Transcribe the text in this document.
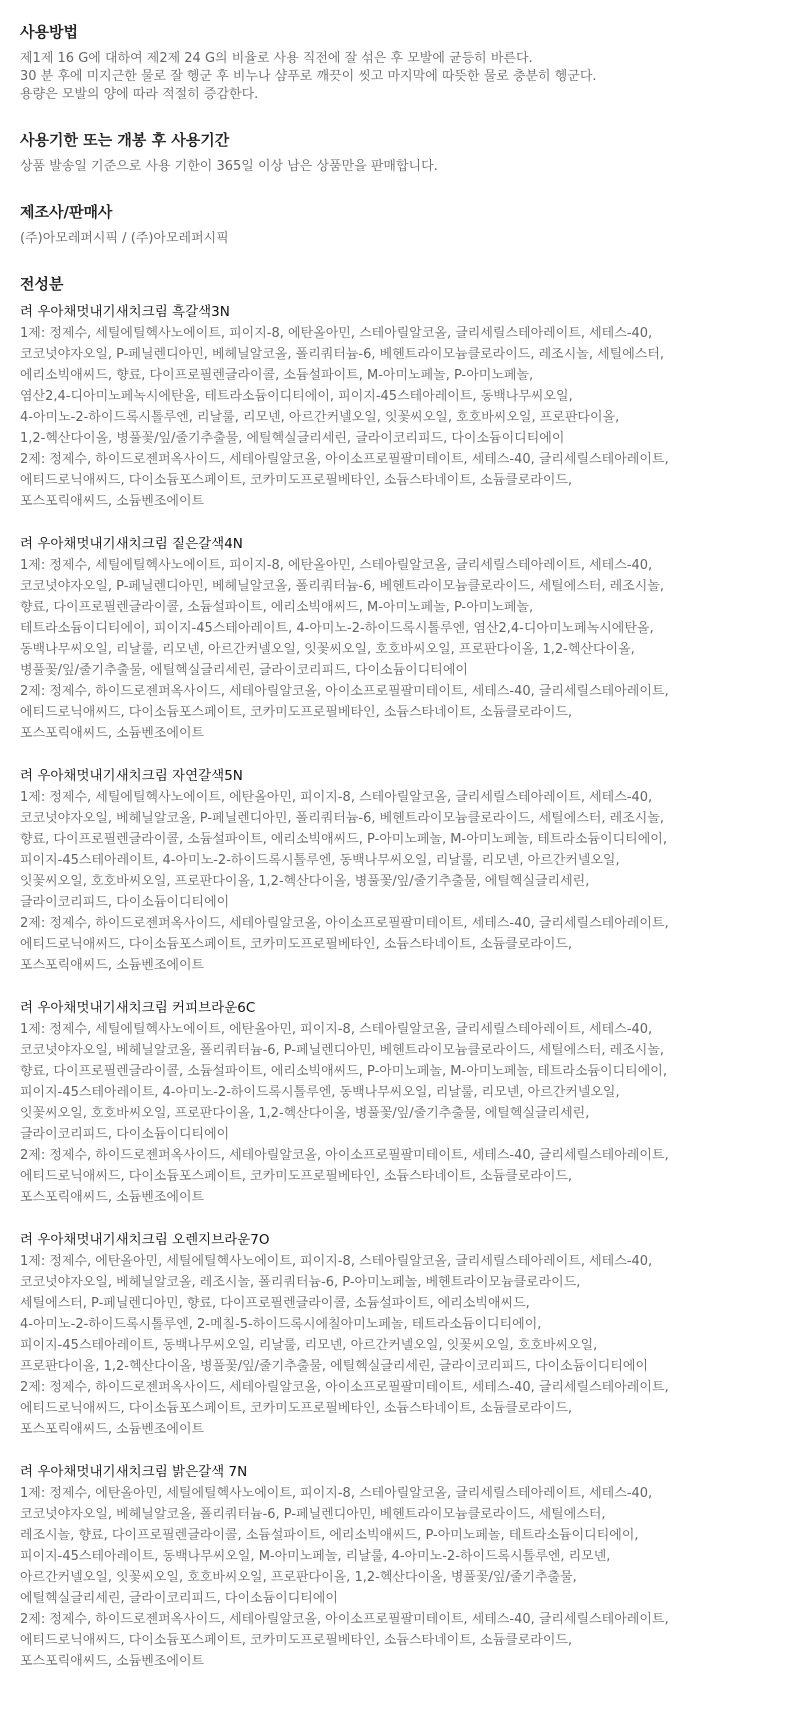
사용방법

제1제 16 G에 대하여 제2제 24 G의 비율로 사용 직전에 잘 섞은 후 모발에 균등히 바른다.

30 분 후에 미지근한 물로 잘 헹군 후 비누나 샴푸로 깨끗이 씻고 마지막에 따뜻한 물로 충분히 헹군다.

용량은 모발의 양에 따라 적절히 증감한다.

사용기한 또는 개봉 후 사용기간

상품 발송일 기준으로 사용 기한이 365일 이상 남은 상품만을 판매합니다.

제조사/판매사

(주)아모레퍼시픽 / (주)아모레퍼시픽

전성분

려 우아채멋내기새치크림 흑갈색3N

1제: 정제수, 세틸에틸헥사노에이트, 피이지-8, 에탄올아민, 스테아릴알코올, 글리세릴스테아레이트, 세테스-40,

코코넛야자오일, P-페닐렌디아민, 베헤닐알코올, 폴리쿼터늄-6, 베헨트라이모늄클로라이드, 레조시놀, 세틸에스터,

에리소빅애씨드, 향료, 다이프로필렌글라이콜, 소듐설파이트, M-아미노페놀, P-아미노페놀,

염산2,4-디아미노페녹시에탄올, 테트라소듐이디티에이, 피이지-45스테아레이트, 동백나무씨오일,

4-아미노-2-하이드록시톨루엔, 리날룰, 리모넨, 아르간커넬오일, 잇꽃씨오일, 호호바씨오일, 프로판다이올,

1,2-헥산다이올, 병풀꽃/잎/줄기추출물, 에틸헥실글리세린, 글라이코리피드, 다이소듐이디티에이

2제: 정제수, 하이드로젠퍼옥사이드, 세테아릴알코올, 아이소프로필팔미테이트, 세테스-40, 글리세릴스테아레이트,

에티드로닉애씨드, 다이소듐포스페이트, 코카미도프로필베타인, 소듐스타네이트, 소듐클로라이드,

포스포릭애씨드, 소듐벤조에이트

려 우아채멋내기새치크림 짙은갈색4N

1제: 정제수, 세틸에틸헥사노에이트, 피이지-8, 에탄올아민, 스테아릴알코올, 글리세릴스테아레이트, 세테스-40,

코코넛야자오일, P-페닐렌디아민, 베헤닐알코올, 폴리쿼터늄-6, 베헨트라이모늄클로라이드, 세틸에스터, 레조시놀,

향료, 다이프로필렌글라이콜, 소듐설파이트, 에리소빅애씨드, M-아미노페놀, P-아미노페놀,

테트라소듐이디티에이, 피이지-45스테아레이트, 4-아미노-2-하이드록시톨루엔, 염산2,4-디아미노페녹시에탄올,

동백나무씨오일, 리날룰, 리모넨, 아르간커넬오일, 잇꽃씨오일, 호호바씨오일, 프로판다이올, 1,2-헥산다이올,

병풀꽃/잎/줄기추출물, 에틸헥실글리세린, 글라이코리피드, 다이소듐이디티에이

2제: 정제수, 하이드로젠퍼옥사이드, 세테아릴알코올, 아이소프로필팔미테이트, 세테스-40, 글리세릴스테아레이트,

에티드로닉애씨드, 다이소듐포스페이트, 코카미도프로필베타인, 소듐스타네이트, 소듐클로라이드,

포스포릭애씨드, 소듐벤조에이트

려 우아채멋내기새치크림 자연갈색5N

1제: 정제수, 세틸에틸헥사노에이트, 에탄올아민, 피이지-8, 스테아릴알코올, 글리세릴스테아레이트, 세테스-40,

코코넛야자오일, 베헤닐알코올, P-페닐렌디아민, 폴리쿼터늄-6, 베헨트라이모늄클로라이드, 세틸에스터, 레조시놀,

향료, 다이프로필렌글라이콜, 소듐설파이트, 에리소빅애씨드, P-아미노페놀, M-아미노페놀, 테트라소듐이디티에이,

피이지-45스테아레이트, 4-아미노-2-하이드록시톨루엔, 동백나무씨오일, 리날룰, 리모넨, 아르간커넬오일,

잇꽃씨오일, 호호바씨오일, 프로판다이올, 1,2-헥산다이올, 병풀꽃/잎/줄기추출물, 에틸헥실글리세린,

글라이코리피드, 다이소듐이디티에이

2제: 정제수, 하이드로젠퍼옥사이드, 세테아릴알코올, 아이소프로필팔미테이트, 세테스-40, 글리세릴스테아레이트,

에티드로닉애씨드, 다이소듐포스페이트, 코카미도프로필베타인, 소듐스타네이트, 소듐클로라이드,

포스포릭애씨드, 소듐벤조에이트

려 우아채멋내기새치크림 커피브라운6C

1제: 정제수, 세틸에틸헥사노에이트, 에탄올아민, 피이지-8, 스테아릴알코올, 글리세릴스테아레이트, 세테스-40,

코코넛야자오일, 베헤닐알코올, 폴리쿼터늄-6, P-페닐렌디아민, 베헨트라이모늄클로라이드, 세틸에스터, 레조시놀,

향료, 다이프로필렌글라이콜, 소듐설파이트, 에리소빅애씨드, P-아미노페놀, M-아미노페놀, 테트라소듐이디티에이,

피이지-45스테아레이트, 4-아미노-2-하이드록시톨루엔, 동백나무씨오일, 리날룰, 리모넨, 아르간커넬오일,

잇꽃씨오일, 호호바씨오일, 프로판다이올, 1,2-헥산다이올, 병풀꽃/잎/줄기추출물, 에틸헥실글리세린,

글라이코리피드, 다이소듐이디티에이

2제: 정제수, 하이드로젠퍼옥사이드, 세테아릴알코올, 아이소프로필팔미테이트, 세테스-40, 글리세릴스테아레이트,

에티드로닉애씨드, 다이소듐포스페이트, 코카미도프로필베타인, 소듐스타네이트, 소듐클로라이드,

포스포릭애씨드, 소듐벤조에이트

려 우아채멋내기새치크림 오렌지브라운7O

1제: 정제수, 에탄올아민, 세틸에틸헥사노에이트, 피이지-8, 스테아릴알코올, 글리세릴스테아레이트, 세테스-40,

코코넛야자오일, 베헤닐알코올, 레조시놀, 폴리쿼터늄-6, P-아미노페놀, 베헨트라이모늄클로라이드,

세틸에스터, P-페닐렌디아민, 향료, 다이프로필렌글라이콜, 소듐설파이트, 에리소빅애씨드,

4-아미노-2-하이드록시톨루엔, 2-메칠-5-하이드록시에칠아미노페놀, 테트라소듐이디티에이,

피이지-45스테아레이트, 동백나무씨오일, 리날룰, 리모넨, 아르간커넬오일, 잇꽃씨오일, 호호바씨오일,

프로판다이올, 1,2-헥산다이올, 병풀꽃/잎/줄기추출물, 에틸헥실글리세린, 글라이코리피드, 다이소듐이디티에이

2제: 정제수, 하이드로젠퍼옥사이드, 세테아릴알코올, 아이소프로필팔미테이트, 세테스-40, 글리세릴스테아레이트,

에티드로닉애씨드, 다이소듐포스페이트, 코카미도프로필베타인, 소듐스타네이트, 소듐클로라이드,

포스포릭애씨드, 소듐벤조에이트

려 우아채멋내기새치크림 밝은갈색 7N

1제: 정제수, 에탄올아민, 세틸에틸헥사노에이트, 피이지-8, 스테아릴알코올, 글리세릴스테아레이트, 세테스-40,

코코넛야자오일, 베헤닐알코올, 폴리쿼터늄-6, P-페닐렌디아민, 베헨트라이모늄클로라이드, 세틸에스터,

레조시놀, 향료, 다이프로필렌글라이콜, 소듐설파이트, 에리소빅애씨드, P-아미노페놀, 테트라소듐이디티에이,

피이지-45스테아레이트, 동백나무씨오일, M-아미노페놀, 리날룰, 4-아미노-2-하이드록시톨루엔, 리모넨,

아르간커넬오일, 잇꽃씨오일, 호호바씨오일, 프로판다이올, 1,2-헥산다이올, 병풀꽃/잎/줄기추출물,

에틸헥실글리세린, 글라이코리피드, 다이소듐이디티에이

2제: 정제수, 하이드로젠퍼옥사이드, 세테아릴알코올, 아이소프로필팔미테이트, 세테스-40, 글리세릴스테아레이트,

에티드로닉애씨드, 다이소듐포스페이트, 코카미도프로필베타인, 소듐스타네이트, 소듐클로라이드,

포스포릭애씨드, 소듐벤조에이트
